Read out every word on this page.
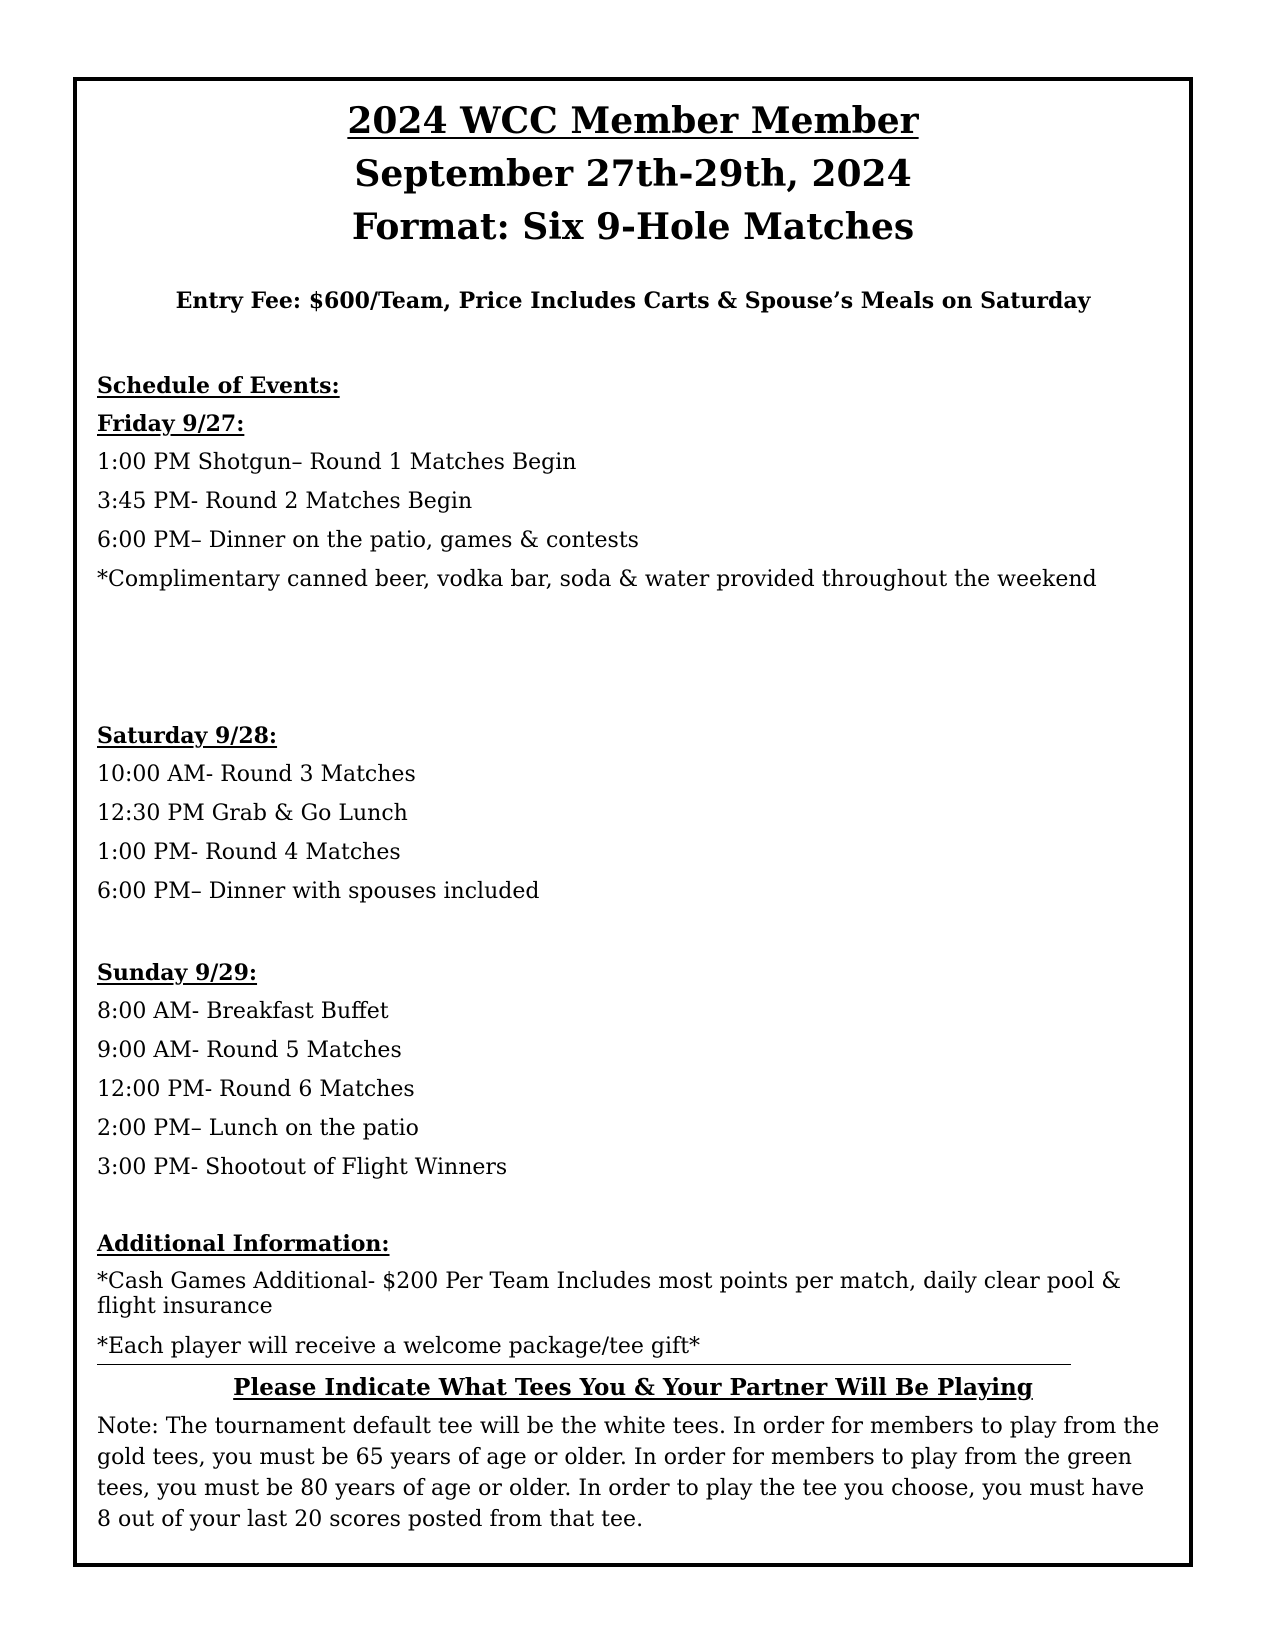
2024 WCC Member Member
September 27th-29th, 2024
Format: Six 9-Hole Matches
Entry Fee: $600/Team, Price Includes Carts & Spouse’s Meals on Saturday
Schedule of Events:
Friday 9/27:
1:00 PM Shotgun– Round 1 Matches Begin
3:45 PM- Round 2 Matches Begin
6:00 PM– Dinner on the patio, games & contests
*Complimentary canned beer, vodka bar, soda & water provided throughout the weekend
Saturday 9/28:
10:00 AM- Round 3 Matches
12:30 PM Grab & Go Lunch
1:00 PM- Round 4 Matches
6:00 PM– Dinner with spouses included
Sunday 9/29:
8:00 AM- Breakfast Buffet
9:00 AM- Round 5 Matches
12:00 PM- Round 6 Matches
2:00 PM– Lunch on the patio
3:00 PM- Shootout of Flight Winners
Additional Information:
*Cash Games Additional- $200 Per Team Includes most points per match, daily clear pool & flight insurance
*Each player will receive a welcome package/tee gift*
Please Indicate What Tees You & Your Partner Will Be Playing
Note: The tournament default tee will be the white tees. In order for members to play from the gold tees, you must be 65 years of age or older. In order for members to play from the green tees, you must be 80 years of age or older. In order to play the tee you choose, you must have 8 out of your last 20 scores posted from that tee.
